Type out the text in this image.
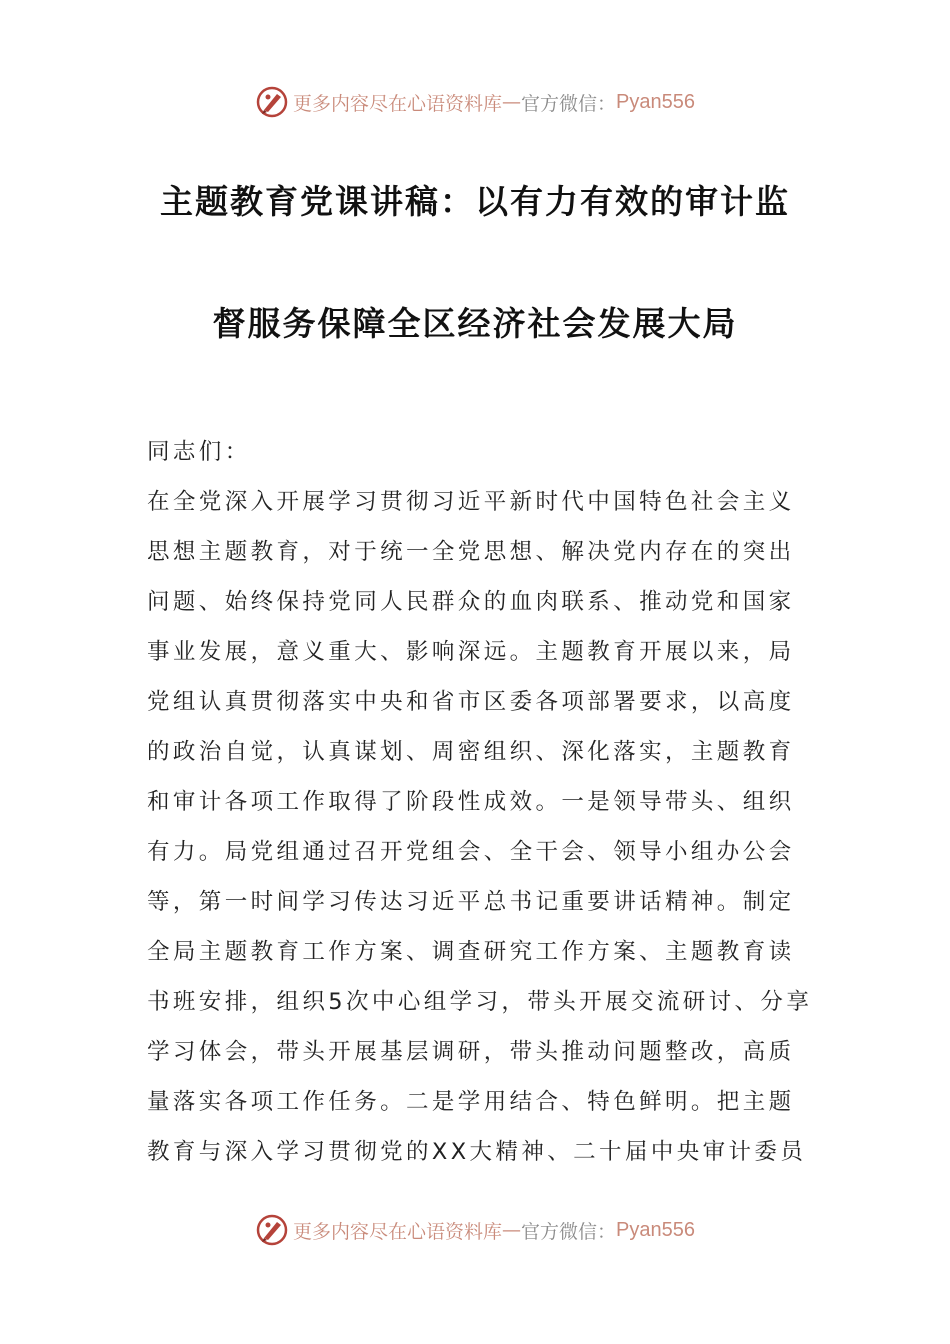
更多内容尽在心语资料库 — 官方微信： Pyan556
主题教育党课讲稿：以有力有效的审计监
督服务保障全区经济社会发展大局
同志们：
在全党深入开展学习贯彻习近平新时代中国特色社会主义
思想主题教育，对于统一全党思想、解决党内存在的突出
问题、始终保持党同人民群众的血肉联系、推动党和国家
事业发展，意义重大、影响深远。主题教育开展以来，局
党组认真贯彻落实中央和省市区委各项部署要求，以高度
的政治自觉，认真谋划、周密组织、深化落实，主题教育
和审计各项工作取得了阶段性成效。一是领导带头、组织
有力。局党组通过召开党组会、全干会、领导小组办公会
等，第一时间学习传达习近平总书记重要讲话精神。制定
全局主题教育工作方案、调查研究工作方案、主题教育读
书班安排，组织5次中心组学习，带头开展交流研讨、分享
学习体会，带头开展基层调研，带头推动问题整改，高质
量落实各项工作任务。二是学用结合、特色鲜明。把主题
教育与深入学习贯彻党的XX大精神、二十届中央审计委员
更多内容尽在心语资料库 — 官方微信： Pyan556
